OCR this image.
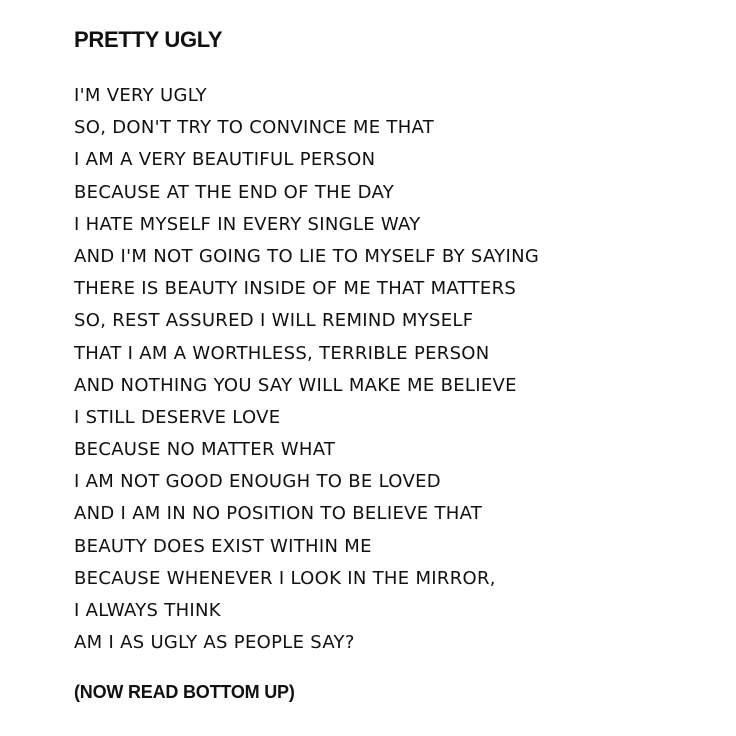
PRETTY UGLY
I'M VERY UGLY
SO, DON'T TRY TO CONVINCE ME THAT
I AM A VERY BEAUTIFUL PERSON
BECAUSE AT THE END OF THE DAY
I HATE MYSELF IN EVERY SINGLE WAY
AND I'M NOT GOING TO LIE TO MYSELF BY SAYING
THERE IS BEAUTY INSIDE OF ME THAT MATTERS
SO, REST ASSURED I WILL REMIND MYSELF
THAT I AM A WORTHLESS, TERRIBLE PERSON
AND NOTHING YOU SAY WILL MAKE ME BELIEVE
I STILL DESERVE LOVE
BECAUSE NO MATTER WHAT
I AM NOT GOOD ENOUGH TO BE LOVED
AND I AM IN NO POSITION TO BELIEVE THAT
BEAUTY DOES EXIST WITHIN ME
BECAUSE WHENEVER I LOOK IN THE MIRROR,
I ALWAYS THINK
AM I AS UGLY AS PEOPLE SAY?
(NOW READ BOTTOM UP)
